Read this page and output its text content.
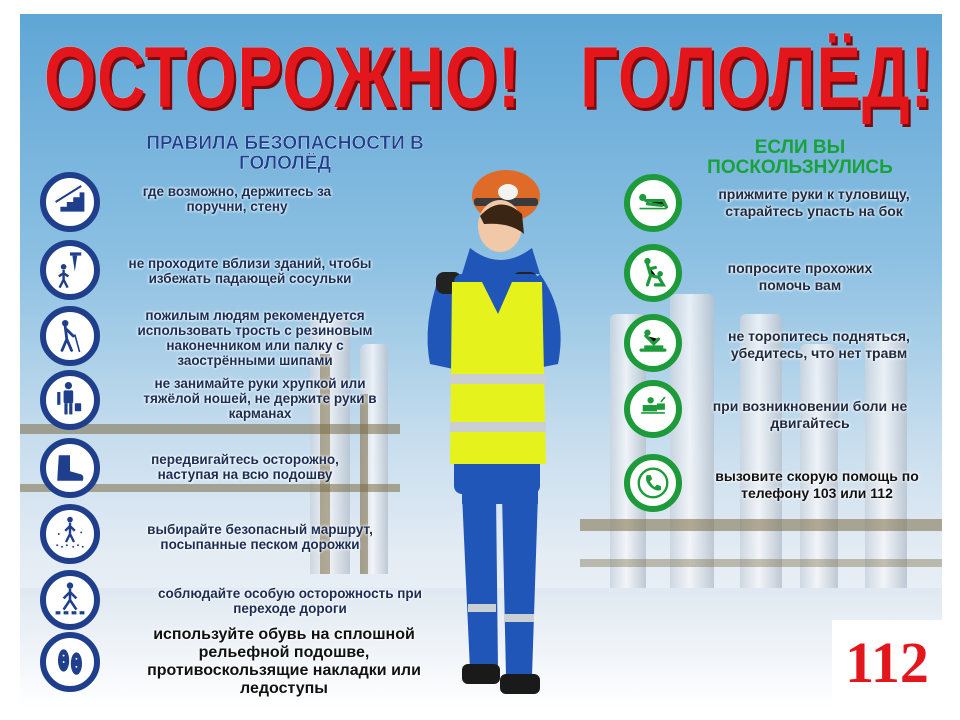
ОСТОРОЖНО! ГОЛОЛЁД!
ПРАВИЛА БЕЗОПАСНОСТИ В ГОЛОЛЁД
ЕСЛИ ВЫ ПОСКОЛЬЗНУЛИСЬ
где возможно, держитесь за поручни, стену
не проходите вблизи зданий, чтобы избежать падающей сосульки
пожилым людям рекомендуется использовать трость с резиновым наконечником или палку с заострёнными шипами
не занимайте руки хрупкой или тяжёлой ношей, не держите руки в карманах
передвигайтесь осторожно, наступая на всю подошву
выбирайте безопасный маршрут, посыпанные песком дорожки
соблюдайте особую осторожность при переходе дороги
используйте обувь на сплошной рельефной подошве, противоскользящие накладки или ледоступы
прижмите руки к туловищу, старайтесь упасть на бок
попросите прохожих помочь вам
не торопитесь подняться, убедитесь, что нет травм
при возникновении боли не двигайтесь
вызовите скорую помощь по телефону 103 или 112
112
